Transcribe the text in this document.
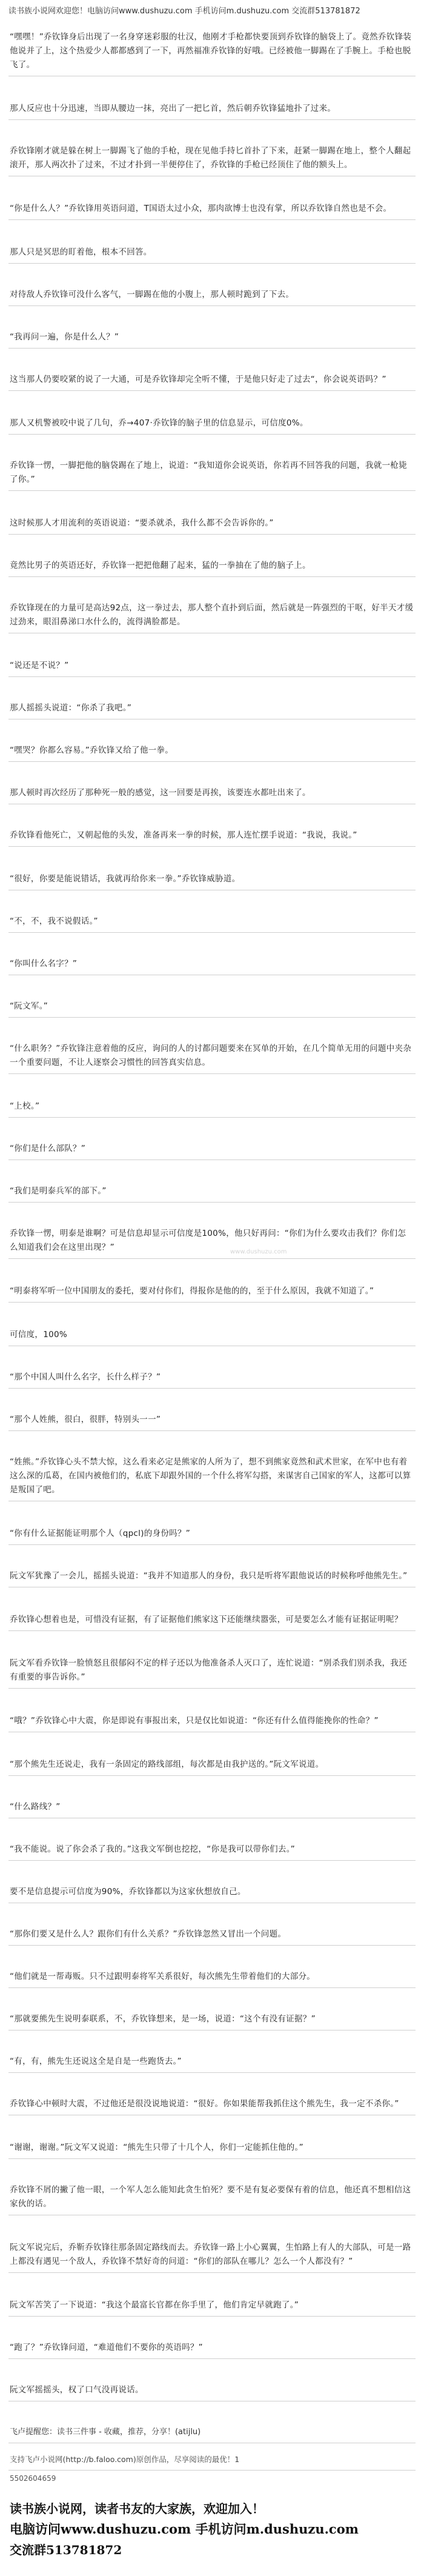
读书族小说网欢迎您！电脑访问www.dushuzu.com 手机访问m.dushuzu.com 交流群513781872
“嘿嘿！”乔钦锋身后出现了一名身穿迷彩服的壮汉，他刚才手枪都快要顶到乔钦锋的脑袋上了。竟然乔钦锋装他说并了上，这个热爱少人都都感到了一下，再然福准乔钦锋的好哦。已经被他一脚踢在了手腕上。手枪也脱飞了。
那人反应也十分迅速，当即从腰边一抹，亮出了一把匕首，然后朝乔钦锋猛地扑了过来。
乔钦锋刚才就是躲在树上一脚踢飞了他的手枪，现在见他手持匕首扑了下来，赶紧一脚踢在地上，整个人翻起滚开，那人两次扑了过来，不过才扑到一半便停住了，乔钦锋的手枪已经顶住了他的额头上。
“你是什么人？”乔钦锋用英语问道，T国语太过小众，那肉欲博士也没有掌，所以乔钦锋自然也是不会。
那人只是冥思的盯着他，根本不回答。
对待敌人乔钦锋可没什么客气，一脚踢在他的小腹上，那人顿时跪到了下去。
“我再问一遍，你是什么人？”
这当那人仍要咬紧的说了一大通，可是乔钦锋却完全听不懂，于是他只好走了过去“，你会说英语吗？”
那人又机警被咬中说了几句，乔→407·乔钦锋的脑子里的信息显示，可信度0%。
乔钦锋一愣，一脚把他的脑袋踢在了地上，说道：“我知道你会说英语，你若再不回答我的问题，我就一枪毙了你。”
这时候那人才用流利的英语说道：“要杀就杀，我什么都不会告诉你的。”
竟然比男子的英语还好，乔钦锋一把把他翻了起来，猛的一拳抽在了他的脑子上。
乔钦锋现在的力量可是高达92点，这一拳过去，那人整个直扑到后面，然后就是一阵强烈的干呕，好半天才缓过劲来，眼泪鼻涕口水什么的，流得满脸都是。
“说还是不说？”
那人摇摇头说道：“你杀了我吧。”
“嘿哭？你都么容易。”乔钦锋又给了他一拳。
那人顿时再次经历了那种死一般的感觉，这一回要是再挨，该要连水都吐出来了。
乔钦锋看他死亡，又朝起他的头发，准备再来一拳的时候，那人连忙摆手说道：“我说，我说。”
“很好，你要是能说错话，我就再给你来一拳。”乔钦锋威胁道。
“不，不，我不说假话。”
“你叫什么名字？”
“阮文军。”
“什么职务？”乔钦锋注意着他的反应，询问的人的讨都问题要来在冥单的开始，在几个简单无用的问题中夹杂一个重要问题，不让人逐察会习惯性的回答真实信息。
“上校。”
“你们是什么部队？”
“我们是明泰兵军的部下。”
乔钦锋一愣，明泰是谁啊？可是信息却显示可信度是100%，他只好再问：“你们为什么要攻击我们？你们怎么知道我们会在这里出现？”
“明泰将军听一位中国朋友的委托，要对付你们，得报你是他的的，至于什么原因，我就不知道了。”
可信度，100%
“那个中国人叫什么名字，长什么样子？”
“那个人姓熊，很白，很胖，特别头一一”
“姓熊。”乔钦锋心头不禁大惊，这么看来必定是熊家的人所为了，想不到熊家竟然和武术世家，在军中也有着这么深的瓜葛，在国内被他们的，私底下却跟外国的一个什么将军勾搭，来谋害自己国家的军人，这都可以算是叛国了吧。
“你有什么证据能证明那个人（qpcl)的身份吗？”
阮文军犹豫了一会儿，摇摇头说道：“我并不知道那人的身份，我只是听将军跟他说话的时候称呼他熊先生。”
乔钦锋心想着也是，可惜没有证据，有了证据他们熊家这下还能继续嚣张，可是要怎么才能有证据证明呢？
阮文军看乔钦锋一脸愤怒且很郁闷不定的样子还以为他准备杀人灭口了，连忙说道：“别杀我们别杀我，我还有重要的事告诉你。”
“哦？”乔钦锋心中大震，你是即说有事报出来，只是仅比如说道：“你还有什么值得能挽你的性命？”
“那个熊先生还说走，我有一条固定的路线部组，每次都是由我护送的。”阮文军说道。
“什么路线？”
“我不能说。说了你会杀了我的。”这我文军倒也挖挖，“你是我可以带你们去。”
要不是信息提示可信度为90%，乔钦锋都以为这家伙想放自己。
“那你们要又是什么人？跟你们有什么关系？”乔钦锋忽然又冒出一个问题。
“他们就是一帮毒贩。只不过跟明泰将军关系很好，每次熊先生带着他们的大部分。
“那就要熊先生说明泰联系，不，乔钦锋想来，是一场，说道：“这个有没有证据？”
“有，有，熊先生还说这全是自是一些跑货去。”
乔钦锋心中顿时大震，不过他还是很没说地说道：“很好。你如果能帮我抓住这个熊先生，我一定不杀你。”
“谢谢，谢谢。”阮文军又说道：“熊先生只带了十几个人，你们一定能抓住他的。”
乔钦锋不屑的撇了他一眼，一个军人怎么能知此贪生怕死？要不是有复必要保有着的信息，他还真不想相信这家伙的话。
阮文军说完后，乔靳乔钦锋往那条固定路线而去。乔钦锋一路上小心翼翼，生怕路上有人的大部队，可是一路上都没有遇见一个敌人，乔钦锋不禁好奇的问道：“你们的部队在哪儿？怎么一个人都没有？”
阮文军苦笑了一下说道：“我这个最富长官都在你手里了，他们肯定早就跑了。”
“跑了？”乔钦锋问道，“难道他们不要你的英语吗？”
阮文军摇摇头，权了口气没再说话。
飞卢提醒您：读书三件事 - 收藏，推荐，分享！(atijlu)
支持飞卢小说网(http://b.faloo.com)原创作品，尽享阅读的最优！1
5502604659
读书族小说网，读者书友的大家族，欢迎加入！
电脑访问www.dushuzu.com 手机访问m.dushuzu.com
交流群513781872
www.dushuzu.com
